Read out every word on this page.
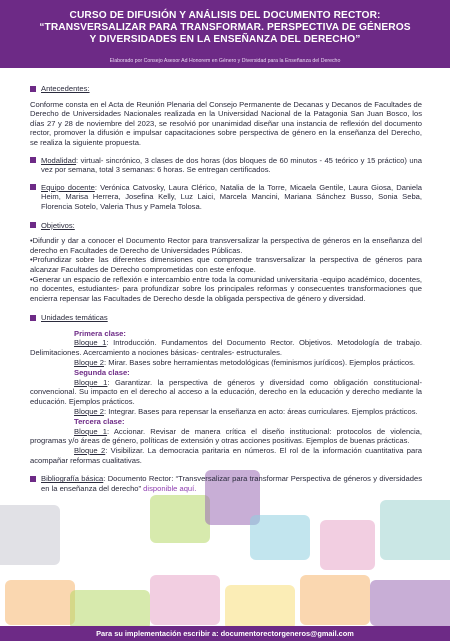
CURSO DE DIFUSIÓN Y ANÁLISIS DEL DOCUMENTO RECTOR:
“TRANSVERSALIZAR PARA TRANSFORMAR. PERSPECTIVA DE GÉNEROS
Y DIVERSIDADES EN LA ENSEÑANZA DEL DERECHO”
Elaborado por Consejo Asesor Ad Honorem en Género y Diversidad para la Enseñanza del Derecho
Antecedentes:
Conforme consta en el Acta de Reunión Plenaria del Consejo Permanente de Decanas y Decanos de Facultades de Derecho de Universidades Nacionales realizada en la Universidad Nacional de la Patagonia San Juan Bosco, los días 27 y 28 de noviembre del 2023, se resolvió por unanimidad diseñar una instancia de reflexión del documento rector, promover la difusión e impulsar capacitaciones sobre perspectiva de género en la enseñanza del Derecho, se realiza la siguiente propuesta.
Modalidad: virtual- sincrónico, 3 clases de dos horas (dos bloques de 60 minutos - 45 teórico y 15 práctico) una vez por semana, total 3 semanas: 6 horas. Se entregan certificados.
Equipo docente: Verónica Catvosky, Laura Clérico, Natalia de la Torre, Micaela Gentile, Laura Giosa, Daniela Heim, Marisa Herrera, Josefina Kelly, Luz Laici, Marcela Mancini, Mariana Sánchez Busso, Sonia Seba, Florencia Sotelo, Valeria Thus y Pamela Tolosa.
Objetivos:
•Difundir y dar a conocer el Documento Rector para transversalizar la perspectiva de géneros en la enseñanza del derecho en Facultades de Derecho de Universidades Públicas.
•Profundizar sobre las diferentes dimensiones que comprende transversalizar la perspectiva de géneros para alcanzar Facultades de Derecho comprometidas con este enfoque.
•Generar un espacio de reflexión e intercambio entre toda la comunidad universitaria -equipo académico, docentes, no docentes, estudiantes- para profundizar sobre los principales reformas y consecuentes transformaciones que encierra repensar las Facultades de Derecho desde la obligada perspectiva de género y diversidad.
Unidades temáticas
Primera clase:
Bloque 1: Introducción. Fundamentos del Documento Rector. Objetivos. Metodología de trabajo. Delimitaciones. Acercamiento a nociones básicas- centrales- estructurales.
Bloque 2: Mirar. Bases sobre herramientas metodológicas (feminismos jurídicos). Ejemplos prácticos.
Segunda clase:
Bloque 1: Garantizar. la perspectiva de géneros y diversidad como obligación constitucional- convencional. Su impacto en el derecho al acceso a la educación, derecho en la educación y derecho mediante la educación. Ejemplos prácticos.
Bloque 2: Integrar. Bases para repensar la enseñanza en acto: áreas curriculares. Ejemplos prácticos.
Tercera clase:
Bloque 1: Accionar. Revisar de manera crítica el diseño institucional: protocolos de violencia, programas y/o áreas de género, políticas de extensión y otras acciones positivas. Ejemplos de buenas prácticas.
Bloque 2: Visibilizar. La democracia paritaria en números. El rol de la información cuantitativa para acompañar reformas cualitativas.
Bibliografía básica: Documento Rector: “Transversalizar para transformar Perspectiva de géneros y diversidades en la enseñanza del derecho” disponible aquí.
Para su implementación escribir a: documentorectorgeneros@gmail.com
